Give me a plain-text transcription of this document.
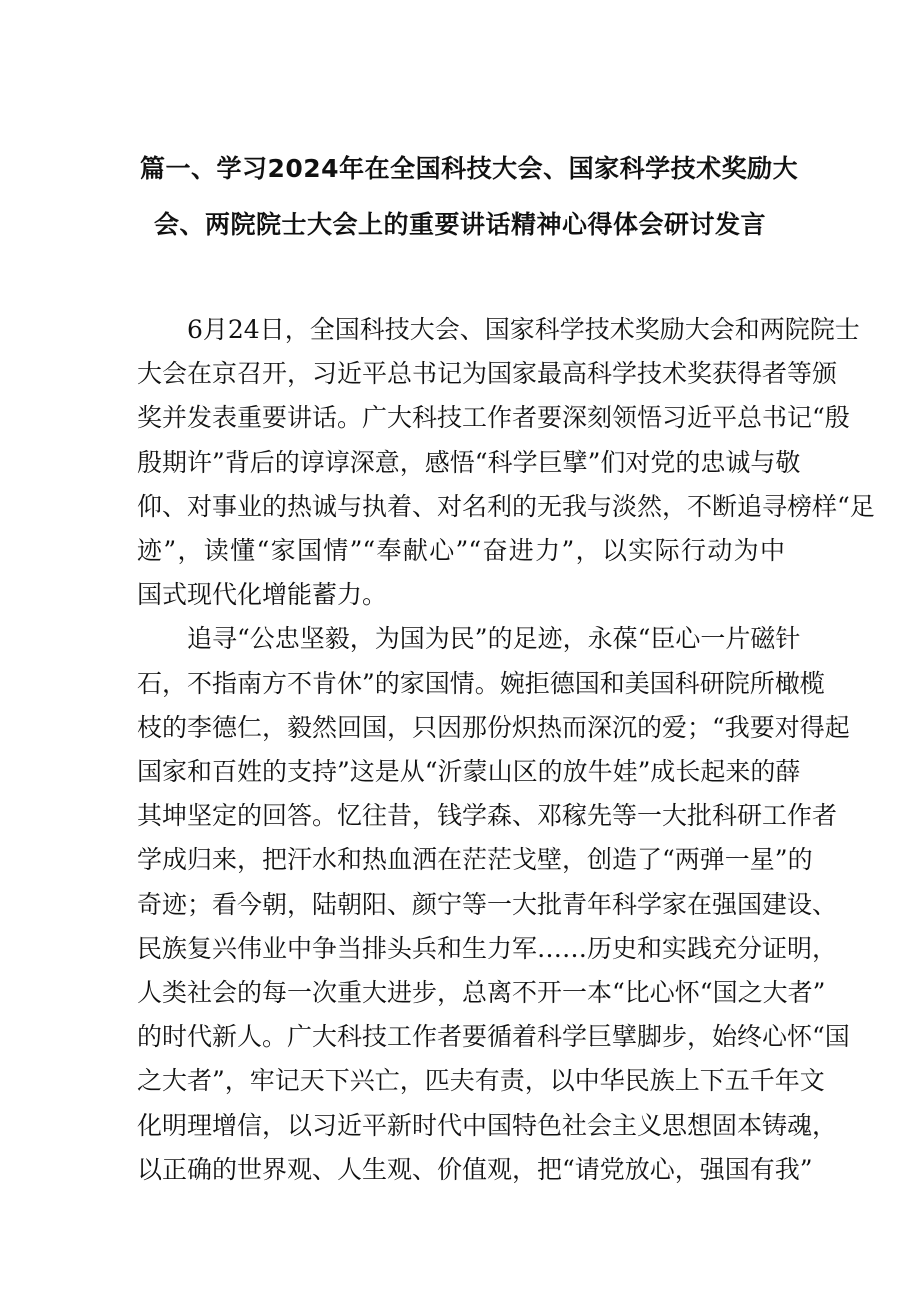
篇一、学习2024年在全国科技大会、国家科学技术奖励大
会、两院院士大会上的重要讲话精神心得体会研讨发言

　　6月24日，全国科技大会、国家科学技术奖励大会和两院院士
大会在京召开，习近平总书记为国家最高科学技术奖获得者等颁
奖并发表重要讲话。广大科技工作者要深刻领悟习近平总书记“殷
殷期许”背后的谆谆深意，感悟“科学巨擘”们对党的忠诚与敬
仰、对事业的热诚与执着、对名利的无我与淡然，不断追寻榜样“足
迹”，读懂“家国情”“奉献心”“奋进力”，以实际行动为中
国式现代化增能蓄力。

　　追寻“公忠坚毅，为国为民”的足迹，永葆“臣心一片磁针
石，不指南方不肯休”的家国情。婉拒德国和美国科研院所橄榄
枝的李德仁，毅然回国，只因那份炽热而深沉的爱；“我要对得起
国家和百姓的支持”这是从“沂蒙山区的放牛娃”成长起来的薛
其坤坚定的回答。忆往昔，钱学森、邓稼先等一大批科研工作者
学成归来，把汗水和热血洒在茫茫戈壁，创造了“两弹一星”的
奇迹；看今朝，陆朝阳、颜宁等一大批青年科学家在强国建设、
民族复兴伟业中争当排头兵和生力军……历史和实践充分证明，
人类社会的每一次重大进步，总离不开一本“比心怀“国之大者”
的时代新人。广大科技工作者要循着科学巨擘脚步，始终心怀“国
之大者”，牢记天下兴亡，匹夫有责，以中华民族上下五千年文
化明理增信，以习近平新时代中国特色社会主义思想固本铸魂，
以正确的世界观、人生观、价值观，把“请党放心，强国有我”
